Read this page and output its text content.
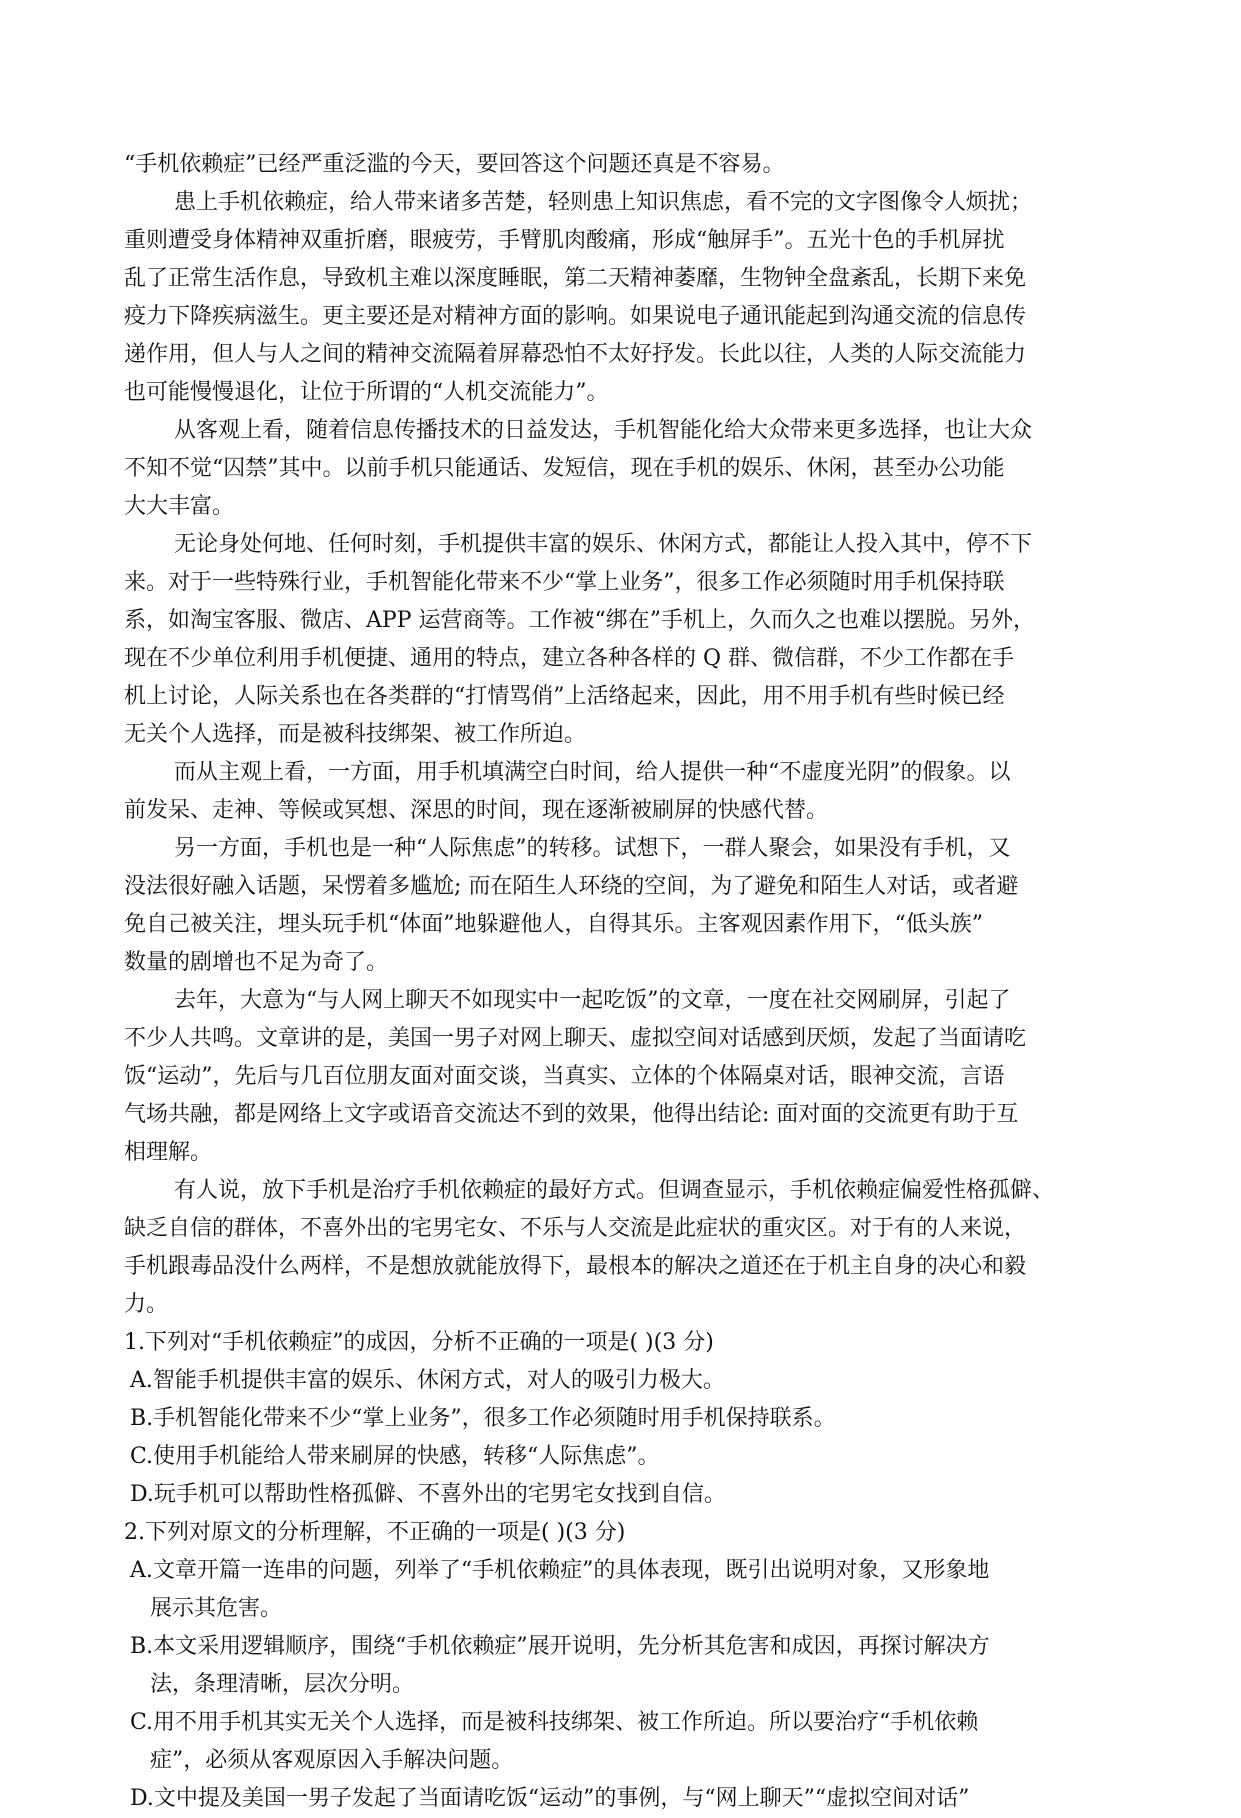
“手机依赖症”已经严重泛滥的今天，要回答这个问题还真是不容易。
患上手机依赖症，给人带来诸多苦楚，轻则患上知识焦虑，看不完的文字图像令人烦扰；
重则遭受身体精神双重折磨，眼疲劳，手臂肌肉酸痛，形成“触屏手”。五光十色的手机屏扰
乱了正常生活作息，导致机主难以深度睡眠，第二天精神萎靡，生物钟全盘紊乱，长期下来免
疫力下降疾病滋生。更主要还是对精神方面的影响。如果说电子通讯能起到沟通交流的信息传
递作用，但人与人之间的精神交流隔着屏幕恐怕不太好抒发。长此以往，人类的人际交流能力
也可能慢慢退化，让位于所谓的“人机交流能力”。
从客观上看，随着信息传播技术的日益发达，手机智能化给大众带来更多选择，也让大众
不知不觉“囚禁”其中。以前手机只能通话、发短信，现在手机的娱乐、休闲，甚至办公功能
大大丰富。
无论身处何地、任何时刻，手机提供丰富的娱乐、休闲方式，都能让人投入其中，停不下
来。对于一些特殊行业，手机智能化带来不少“掌上业务”，很多工作必须随时用手机保持联
系，如淘宝客服、微店、APP 运营商等。工作被“绑在”手机上，久而久之也难以摆脱。另外，
现在不少单位利用手机便捷、通用的特点，建立各种各样的 Q 群、微信群，不少工作都在手
机上讨论，人际关系也在各类群的“打情骂俏”上活络起来，因此，用不用手机有些时候已经
无关个人选择，而是被科技绑架、被工作所迫。
而从主观上看，一方面，用手机填满空白时间，给人提供一种“不虚度光阴”的假象。以
前发呆、走神、等候或冥想、深思的时间，现在逐渐被刷屏的快感代替。
另一方面，手机也是一种“人际焦虑”的转移。试想下，一群人聚会，如果没有手机，又
没法很好融入话题，呆愣着多尴尬; 而在陌生人环绕的空间，为了避免和陌生人对话，或者避
免自己被关注，埋头玩手机“体面”地躲避他人，自得其乐。主客观因素作用下，“低头族”
数量的剧增也不足为奇了。
去年，大意为“与人网上聊天不如现实中一起吃饭”的文章，一度在社交网刷屏，引起了
不少人共鸣。文章讲的是，美国一男子对网上聊天、虚拟空间对话感到厌烦，发起了当面请吃
饭“运动”，先后与几百位朋友面对面交谈，当真实、立体的个体隔桌对话，眼神交流，言语
气场共融，都是网络上文字或语音交流达不到的效果，他得出结论: 面对面的交流更有助于互
相理解。
有人说，放下手机是治疗手机依赖症的最好方式。但调查显示，手机依赖症偏爱性格孤僻、
缺乏自信的群体，不喜外出的宅男宅女、不乐与人交流是此症状的重灾区。对于有的人来说，
手机跟毒品没什么两样，不是想放就能放得下，最根本的解决之道还在于机主自身的决心和毅
力。
1.下列对“手机依赖症”的成因，分析不正确的一项是( )(3 分)
A.智能手机提供丰富的娱乐、休闲方式，对人的吸引力极大。
B.手机智能化带来不少“掌上业务”，很多工作必须随时用手机保持联系。
C.使用手机能给人带来刷屏的快感，转移“人际焦虑”。
D.玩手机可以帮助性格孤僻、不喜外出的宅男宅女找到自信。
2.下列对原文的分析理解，不正确的一项是( )(3 分)
A.文章开篇一连串的问题，列举了“手机依赖症”的具体表现，既引出说明对象，又形象地
展示其危害。
B.本文采用逻辑顺序，围绕“手机依赖症”展开说明，先分析其危害和成因，再探讨解决方
法，条理清晰，层次分明。
C.用不用手机其实无关个人选择，而是被科技绑架、被工作所迫。所以要治疗“手机依赖
症”，必须从客观原因入手解决问题。
D.文中提及美国一男子发起了当面请吃饭“运动”的事例，与“网上聊天”“虚拟空间对话”
